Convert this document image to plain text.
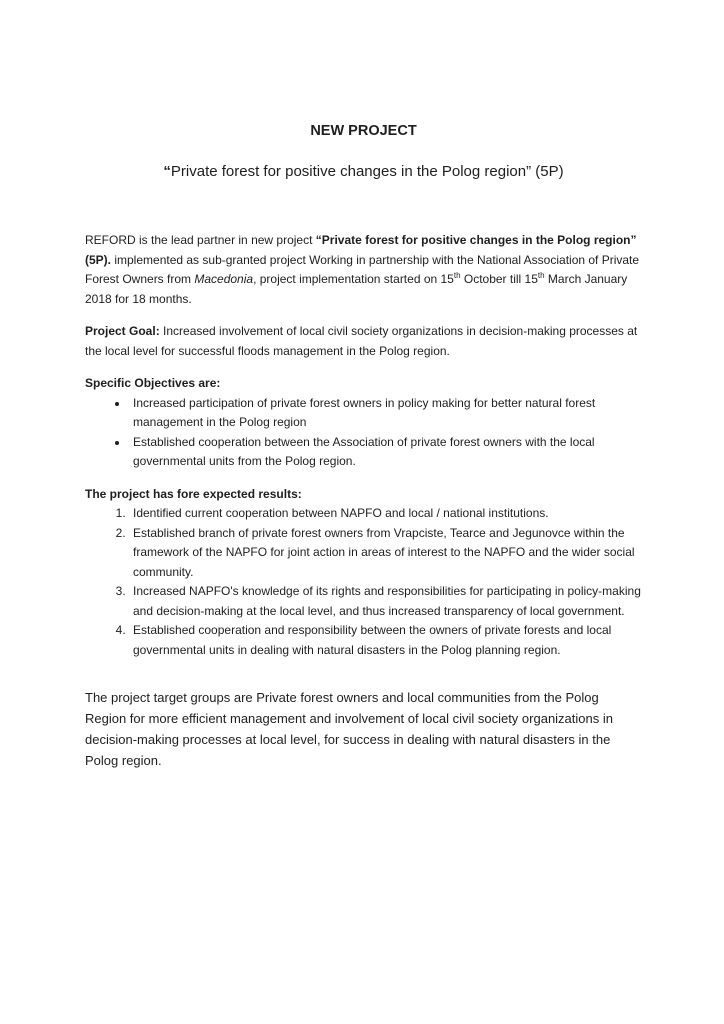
NEW PROJECT

“Private forest for positive changes in the Polog region” (5P)

REFORD is the lead partner in new project “Private forest for positive changes in the Polog region” (5P). implemented as sub-granted project Working in partnership with the National Association of Private Forest Owners from Macedonia, project implementation started on 15th October till 15th March January 2018 for 18 months.

Project Goal: Increased involvement of local civil society organizations in decision-making processes at the local level for successful floods management in the Polog region.

Specific Objectives are:

• Increased participation of private forest owners in policy making for better natural forest management in the Polog region
• Established cooperation between the Association of private forest owners with the local governmental units from the Polog region.

The project has fore expected results:

1. Identified current cooperation between NAPFO and local / national institutions.
2. Established branch of private forest owners from Vrapciste, Tearce and Jegunovce within the framework of the NAPFO for joint action in areas of interest to the NAPFO and the wider social community.
3. Increased NAPFO's knowledge of its rights and responsibilities for participating in policy-making and decision-making at the local level, and thus increased transparency of local government.
4. Established cooperation and responsibility between the owners of private forests and local governmental units in dealing with natural disasters in the Polog planning region.

The project target groups are Private forest owners and local communities from the Polog Region for more efficient management and involvement of local civil society organizations in decision-making processes at local level, for success in dealing with natural disasters in the Polog region.
